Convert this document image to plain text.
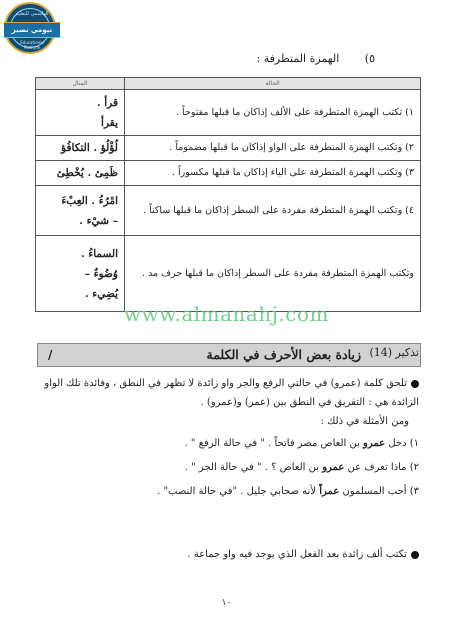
الهاشمي للتعليم
نيومي نصير
Educational Platform
٥) الهمزة المتطرفة :
الحالة	المثال
١) تكتب الهمزة المتطرفة على الألف إذاكان ما قبلها مفتوحاً .	قرأ .
يقرأ

٢) وتكتب الهمزة المتطرفة على الواو إذاكان ما قبلها مضموماً .	لُؤْلُؤ . التكافُؤ

٣) وتكتب الهمزة المتطرفة على الياء إذاكان ما قبلها مكسوراً .	ظَمِئ . يُخْطِئ

٤) وتكتب الهمزة المتطرفة مفردة على السطر إذاكان ما قبلها ساكناً .	امْرُءُ . العِبْءَ
– شيْء .

وتكتب الهمزة المتطرفة مفردة على السطر إذاكان ما قبلها حرف مد .	السماءُ .
وُضُوءٌ –
يُضِيء .
www.almanahj.com
تذكير (14)
زيادة بعض الأحرف في الكلمة
/
تلحق كلمة (عمرو) في حالتي الرفع والجر واو زائدة لا تظهر في النطق ، وفائدة تلك الواو
الزائدة هي : التفريق في النطق بين (عمر) و(عمرو) .
ومن الأمثلة في ذلك :
١) دخل عمرو بن العاص مصر فاتحاً . " في حالة الرفع " .
٢) ماذا تعرف عن عمرو بن العاص ؟ . " في حالة الجر " .
٣) أحب المسلمون عمراً لأنه صحابي جليل . "في حالة النصب" .
تكتب ألف زائدة بعد الفعل الذي يوجد فيه واو جماعة .
١٠
